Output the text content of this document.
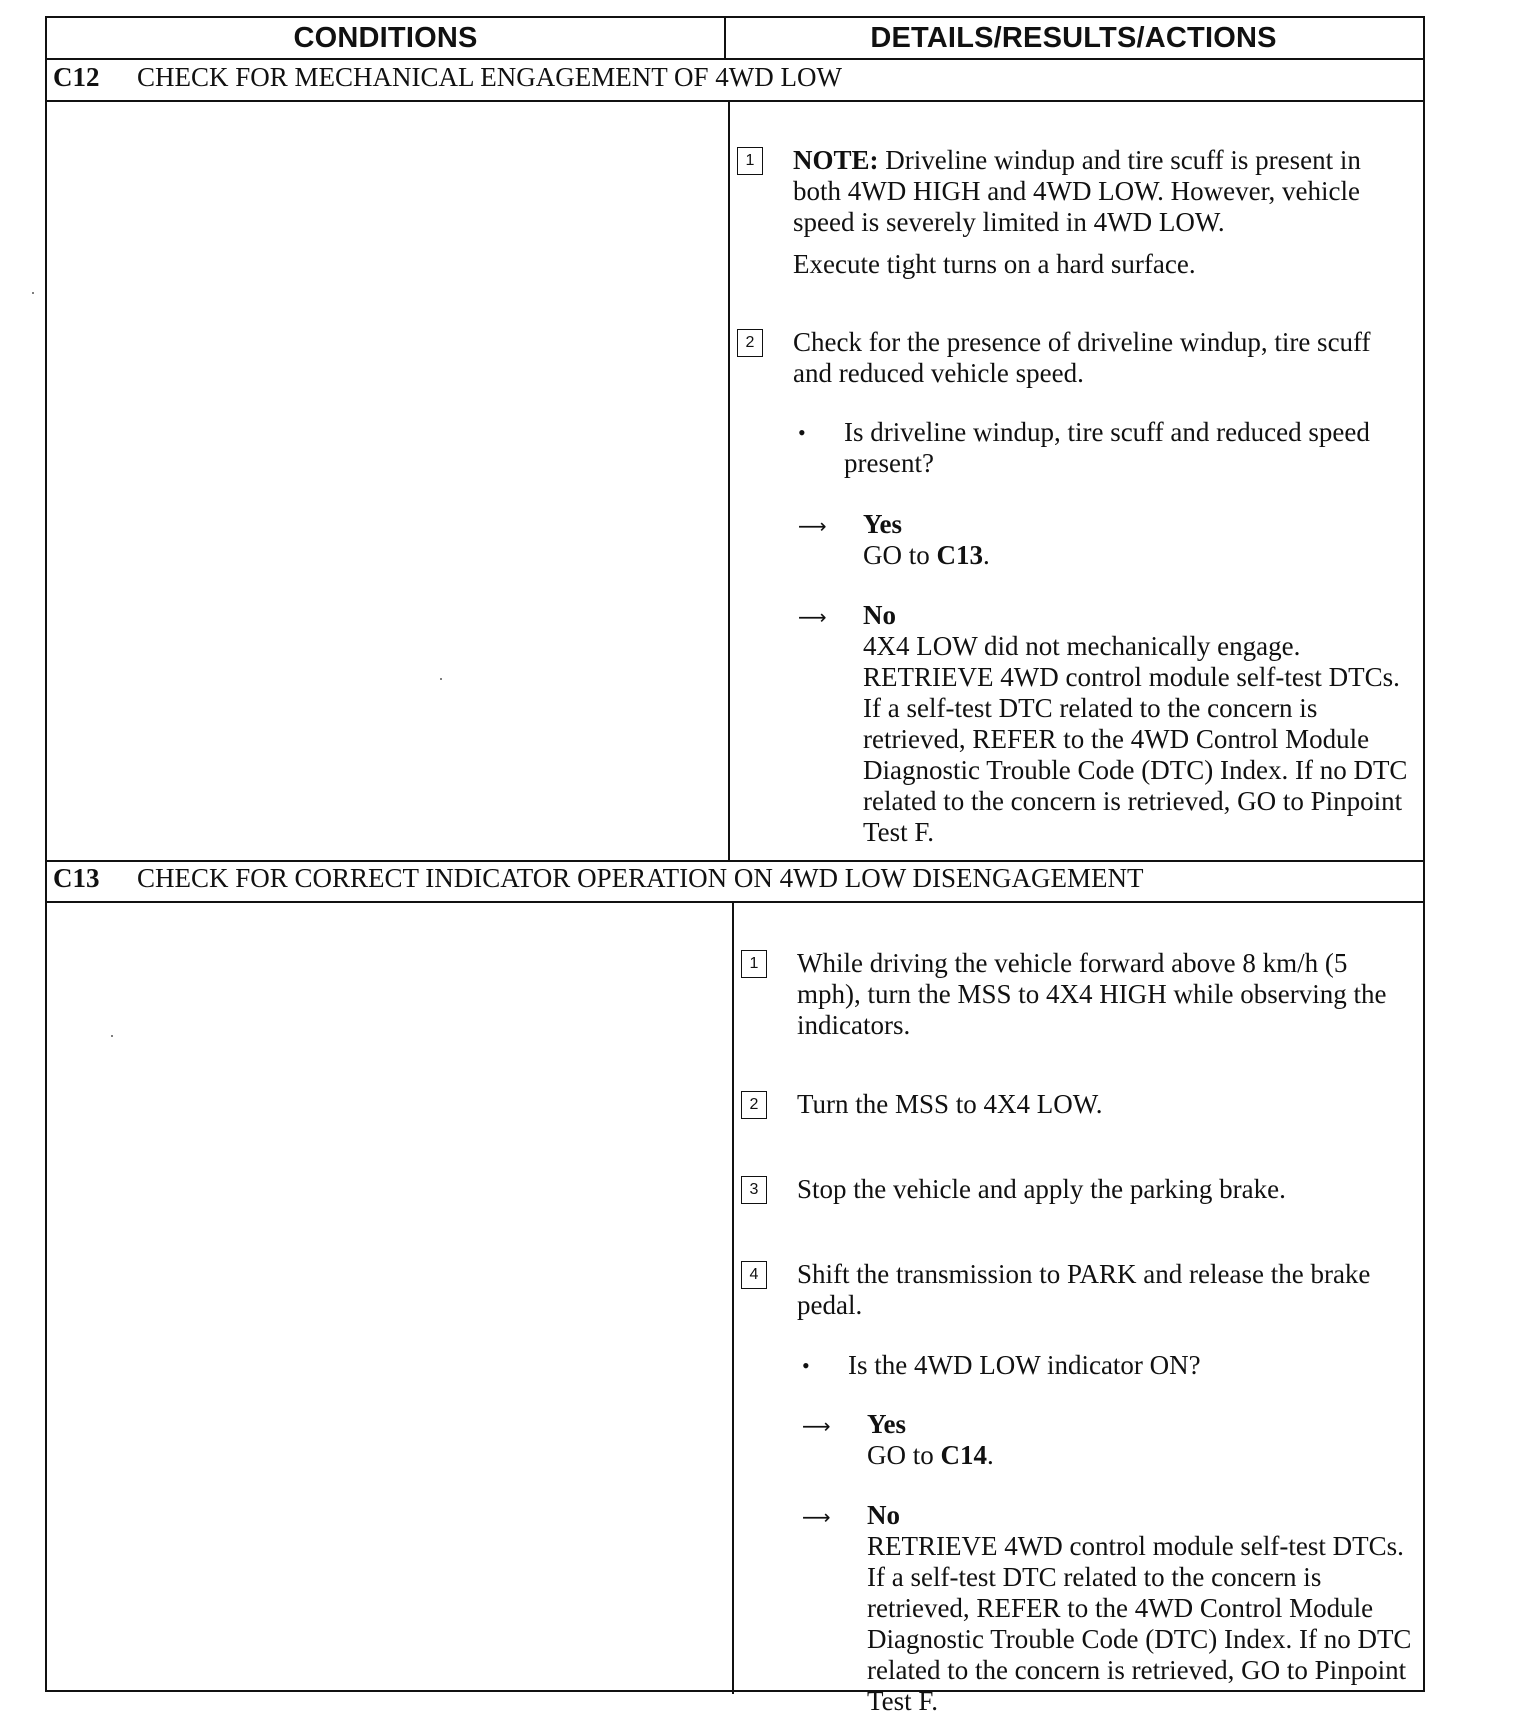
CONDITIONS	DETAILS/RESULTS/ACTIONS
C12 CHECK FOR MECHANICAL ENGAGEMENT OF 4WD LOW
1	NOTE: Driveline windup and tire scuff is present in both 4WD HIGH and 4WD LOW. However, vehicle speed is severely limited in 4WD LOW.
Execute tight turns on a hard surface.
2	Check for the presence of driveline windup, tire scuff and reduced vehicle speed.
• Is driveline windup, tire scuff and reduced speed present?
⟶ Yes
GO to C13.
⟶ No
4X4 LOW did not mechanically engage. RETRIEVE 4WD control module self-test DTCs. If a self-test DTC related to the concern is retrieved, REFER to the 4WD Control Module Diagnostic Trouble Code (DTC) Index. If no DTC related to the concern is retrieved, GO to Pinpoint Test F.
C13 CHECK FOR CORRECT INDICATOR OPERATION ON 4WD LOW DISENGAGEMENT
1	While driving the vehicle forward above 8 km/h (5 mph), turn the MSS to 4X4 HIGH while observing the indicators.
2	Turn the MSS to 4X4 LOW.
3	Stop the vehicle and apply the parking brake.
4	Shift the transmission to PARK and release the brake pedal.
• Is the 4WD LOW indicator ON?
⟶ Yes
GO to C14.
⟶ No
RETRIEVE 4WD control module self-test DTCs. If a self-test DTC related to the concern is retrieved, REFER to the 4WD Control Module Diagnostic Trouble Code (DTC) Index. If no DTC related to the concern is retrieved, GO to Pinpoint Test F.
